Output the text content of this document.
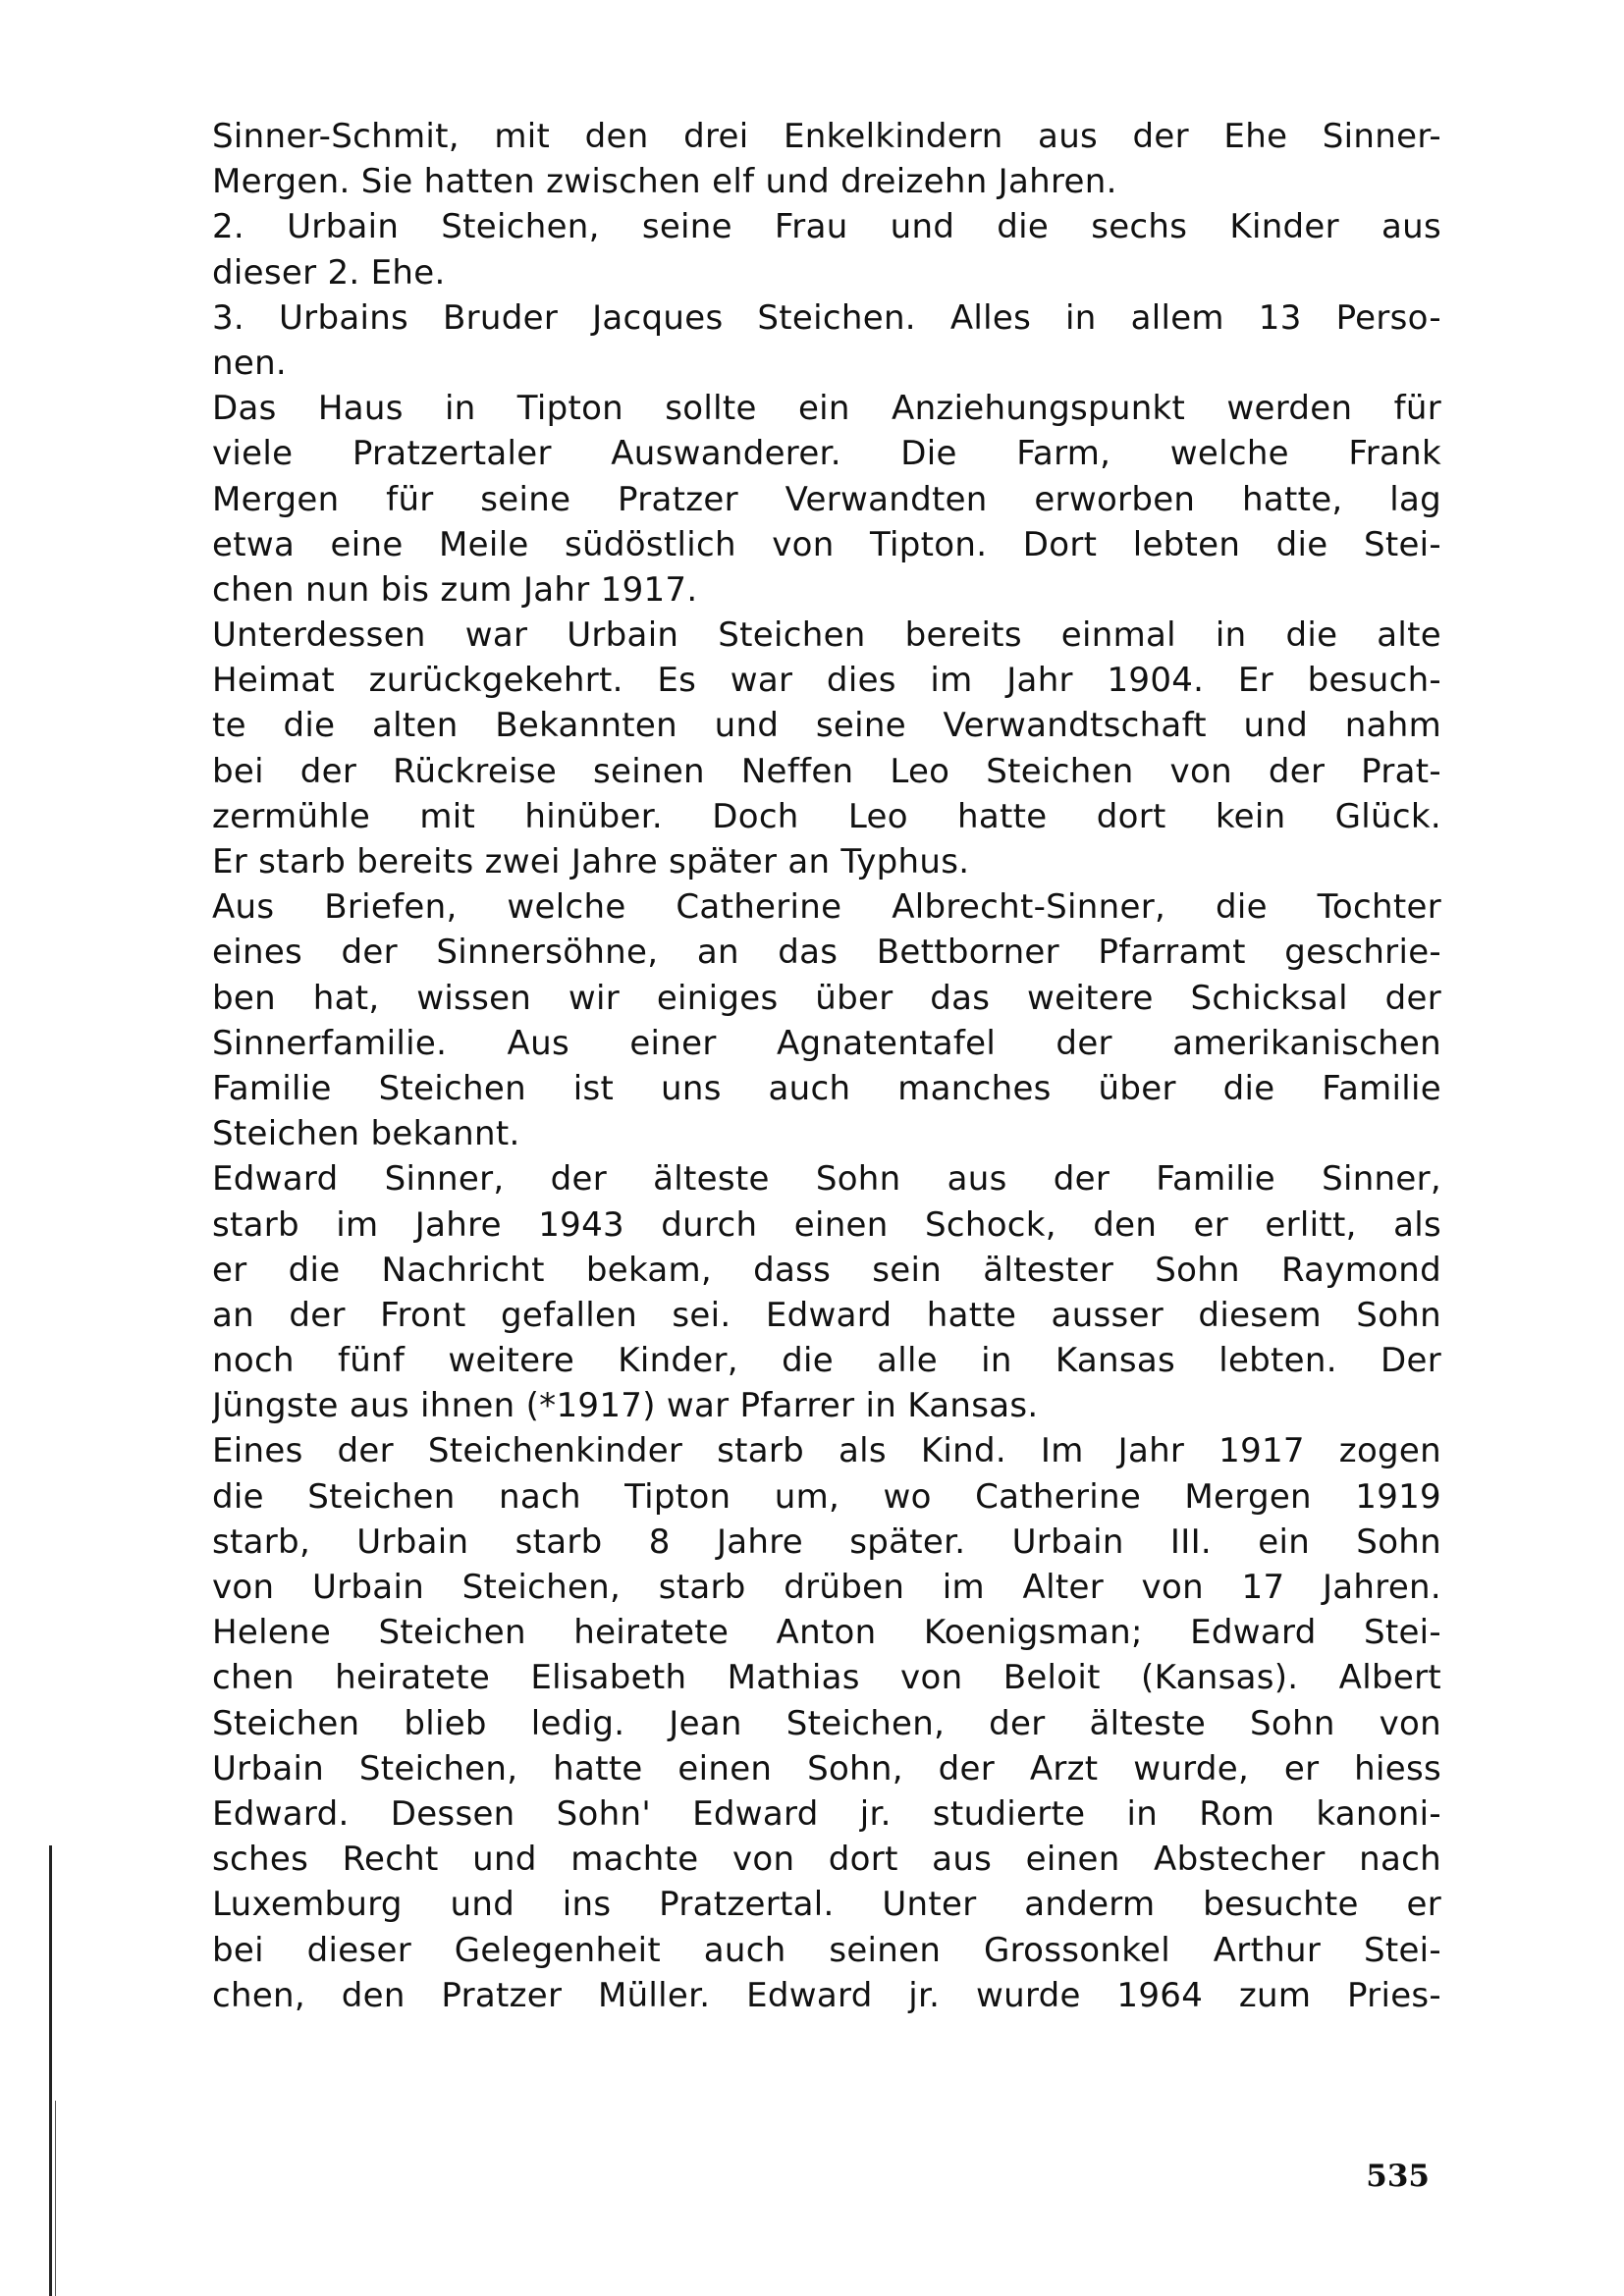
Sinner-Schmit, mit den drei Enkelkindern aus der Ehe Sinner-
Mergen. Sie hatten zwischen elf und dreizehn Jahren.
2. Urbain Steichen, seine Frau und die sechs Kinder aus
dieser 2. Ehe.
3. Urbains Bruder Jacques Steichen. Alles in allem 13 Perso-
nen.
Das Haus in Tipton sollte ein Anziehungspunkt werden für
viele Pratzertaler Auswanderer. Die Farm, welche Frank
Mergen für seine Pratzer Verwandten erworben hatte, lag
etwa eine Meile südöstlich von Tipton. Dort lebten die Stei-
chen nun bis zum Jahr 1917.
Unterdessen war Urbain Steichen bereits einmal in die alte
Heimat zurückgekehrt. Es war dies im Jahr 1904. Er besuch-
te die alten Bekannten und seine Verwandtschaft und nahm
bei der Rückreise seinen Neffen Leo Steichen von der Prat-
zermühle mit hinüber. Doch Leo hatte dort kein Glück.
Er starb bereits zwei Jahre später an Typhus.
Aus Briefen, welche Catherine Albrecht-Sinner, die Tochter
eines der Sinnersöhne, an das Bettborner Pfarramt geschrie-
ben hat, wissen wir einiges über das weitere Schicksal der
Sinnerfamilie. Aus einer Agnatentafel der amerikanischen
Familie Steichen ist uns auch manches über die Familie
Steichen bekannt.
Edward Sinner, der älteste Sohn aus der Familie Sinner,
starb im Jahre 1943 durch einen Schock, den er erlitt, als
er die Nachricht bekam, dass sein ältester Sohn Raymond
an der Front gefallen sei. Edward hatte ausser diesem Sohn
noch fünf weitere Kinder, die alle in Kansas lebten. Der
Jüngste aus ihnen (*1917) war Pfarrer in Kansas.
Eines der Steichenkinder starb als Kind. Im Jahr 1917 zogen
die Steichen nach Tipton um, wo Catherine Mergen 1919
starb, Urbain starb 8 Jahre später. Urbain III. ein Sohn
von Urbain Steichen, starb drüben im Alter von 17 Jahren.
Helene Steichen heiratete Anton Koenigsman; Edward Stei-
chen heiratete Elisabeth Mathias von Beloit (Kansas). Albert
Steichen blieb ledig. Jean Steichen, der älteste Sohn von
Urbain Steichen, hatte einen Sohn, der Arzt wurde, er hiess
Edward. Dessen Sohn' Edward jr. studierte in Rom kanoni-
sches Recht und machte von dort aus einen Abstecher nach
Luxemburg und ins Pratzertal. Unter anderm besuchte er
bei dieser Gelegenheit auch seinen Grossonkel Arthur Stei-
chen, den Pratzer Müller. Edward jr. wurde 1964 zum Pries-
535
